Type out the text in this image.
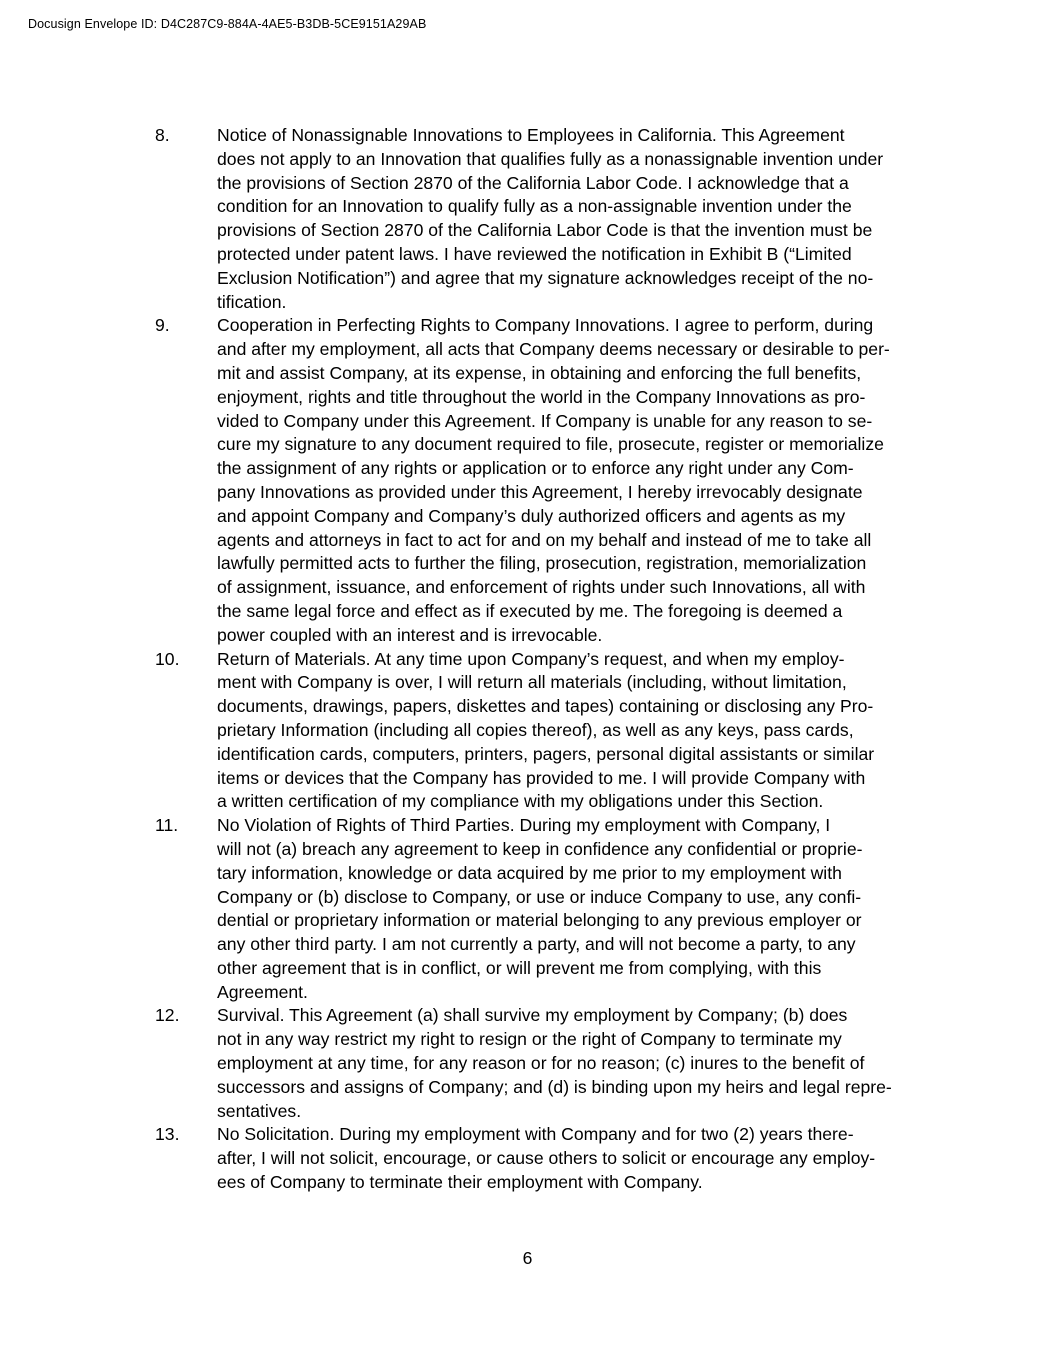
Docusign Envelope ID: D4C287C9-884A-4AE5-B3DB-5CE9151A29AB
8.	Notice of Nonassignable Innovations to Employees in California. This Agreement
does not apply to an Innovation that qualifies fully as a nonassignable invention under
the provisions of Section 2870 of the California Labor Code. I acknowledge that a
condition for an Innovation to qualify fully as a non-assignable invention under the
provisions of Section 2870 of the California Labor Code is that the invention must be
protected under patent laws. I have reviewed the notification in Exhibit B (“Limited
Exclusion Notification”) and agree that my signature acknowledges receipt of the no-
tification.
9.	Cooperation in Perfecting Rights to Company Innovations. I agree to perform, during
and after my employment, all acts that Company deems necessary or desirable to per-
mit and assist Company, at its expense, in obtaining and enforcing the full benefits,
enjoyment, rights and title throughout the world in the Company Innovations as pro-
vided to Company under this Agreement. If Company is unable for any reason to se-
cure my signature to any document required to file, prosecute, register or memorialize
the assignment of any rights or application or to enforce any right under any Com-
pany Innovations as provided under this Agreement, I hereby irrevocably designate
and appoint Company and Company’s duly authorized officers and agents as my
agents and attorneys in fact to act for and on my behalf and instead of me to take all
lawfully permitted acts to further the filing, prosecution, registration, memorialization
of assignment, issuance, and enforcement of rights under such Innovations, all with
the same legal force and effect as if executed by me. The foregoing is deemed a
power coupled with an interest and is irrevocable.
10. Return of Materials. At any time upon Company’s request, and when my employ-
ment with Company is over, I will return all materials (including, without limitation,
documents, drawings, papers, diskettes and tapes) containing or disclosing any Pro-
prietary Information (including all copies thereof), as well as any keys, pass cards,
identification cards, computers, printers, pagers, personal digital assistants or similar
items or devices that the Company has provided to me. I will provide Company with
a written certification of my compliance with my obligations under this Section.
11. No Violation of Rights of Third Parties. During my employment with Company, I
will not (a) breach any agreement to keep in confidence any confidential or proprie-
tary information, knowledge or data acquired by me prior to my employment with
Company or (b) disclose to Company, or use or induce Company to use, any confi-
dential or proprietary information or material belonging to any previous employer or
any other third party. I am not currently a party, and will not become a party, to any
other agreement that is in conflict, or will prevent me from complying, with this
Agreement.
12. Survival. This Agreement (a) shall survive my employment by Company; (b) does
not in any way restrict my right to resign or the right of Company to terminate my
employment at any time, for any reason or for no reason; (c) inures to the benefit of
successors and assigns of Company; and (d) is binding upon my heirs and legal repre-
sentatives.
13. No Solicitation. During my employment with Company and for two (2) years there-
after, I will not solicit, encourage, or cause others to solicit or encourage any employ-
ees of Company to terminate their employment with Company.
6
